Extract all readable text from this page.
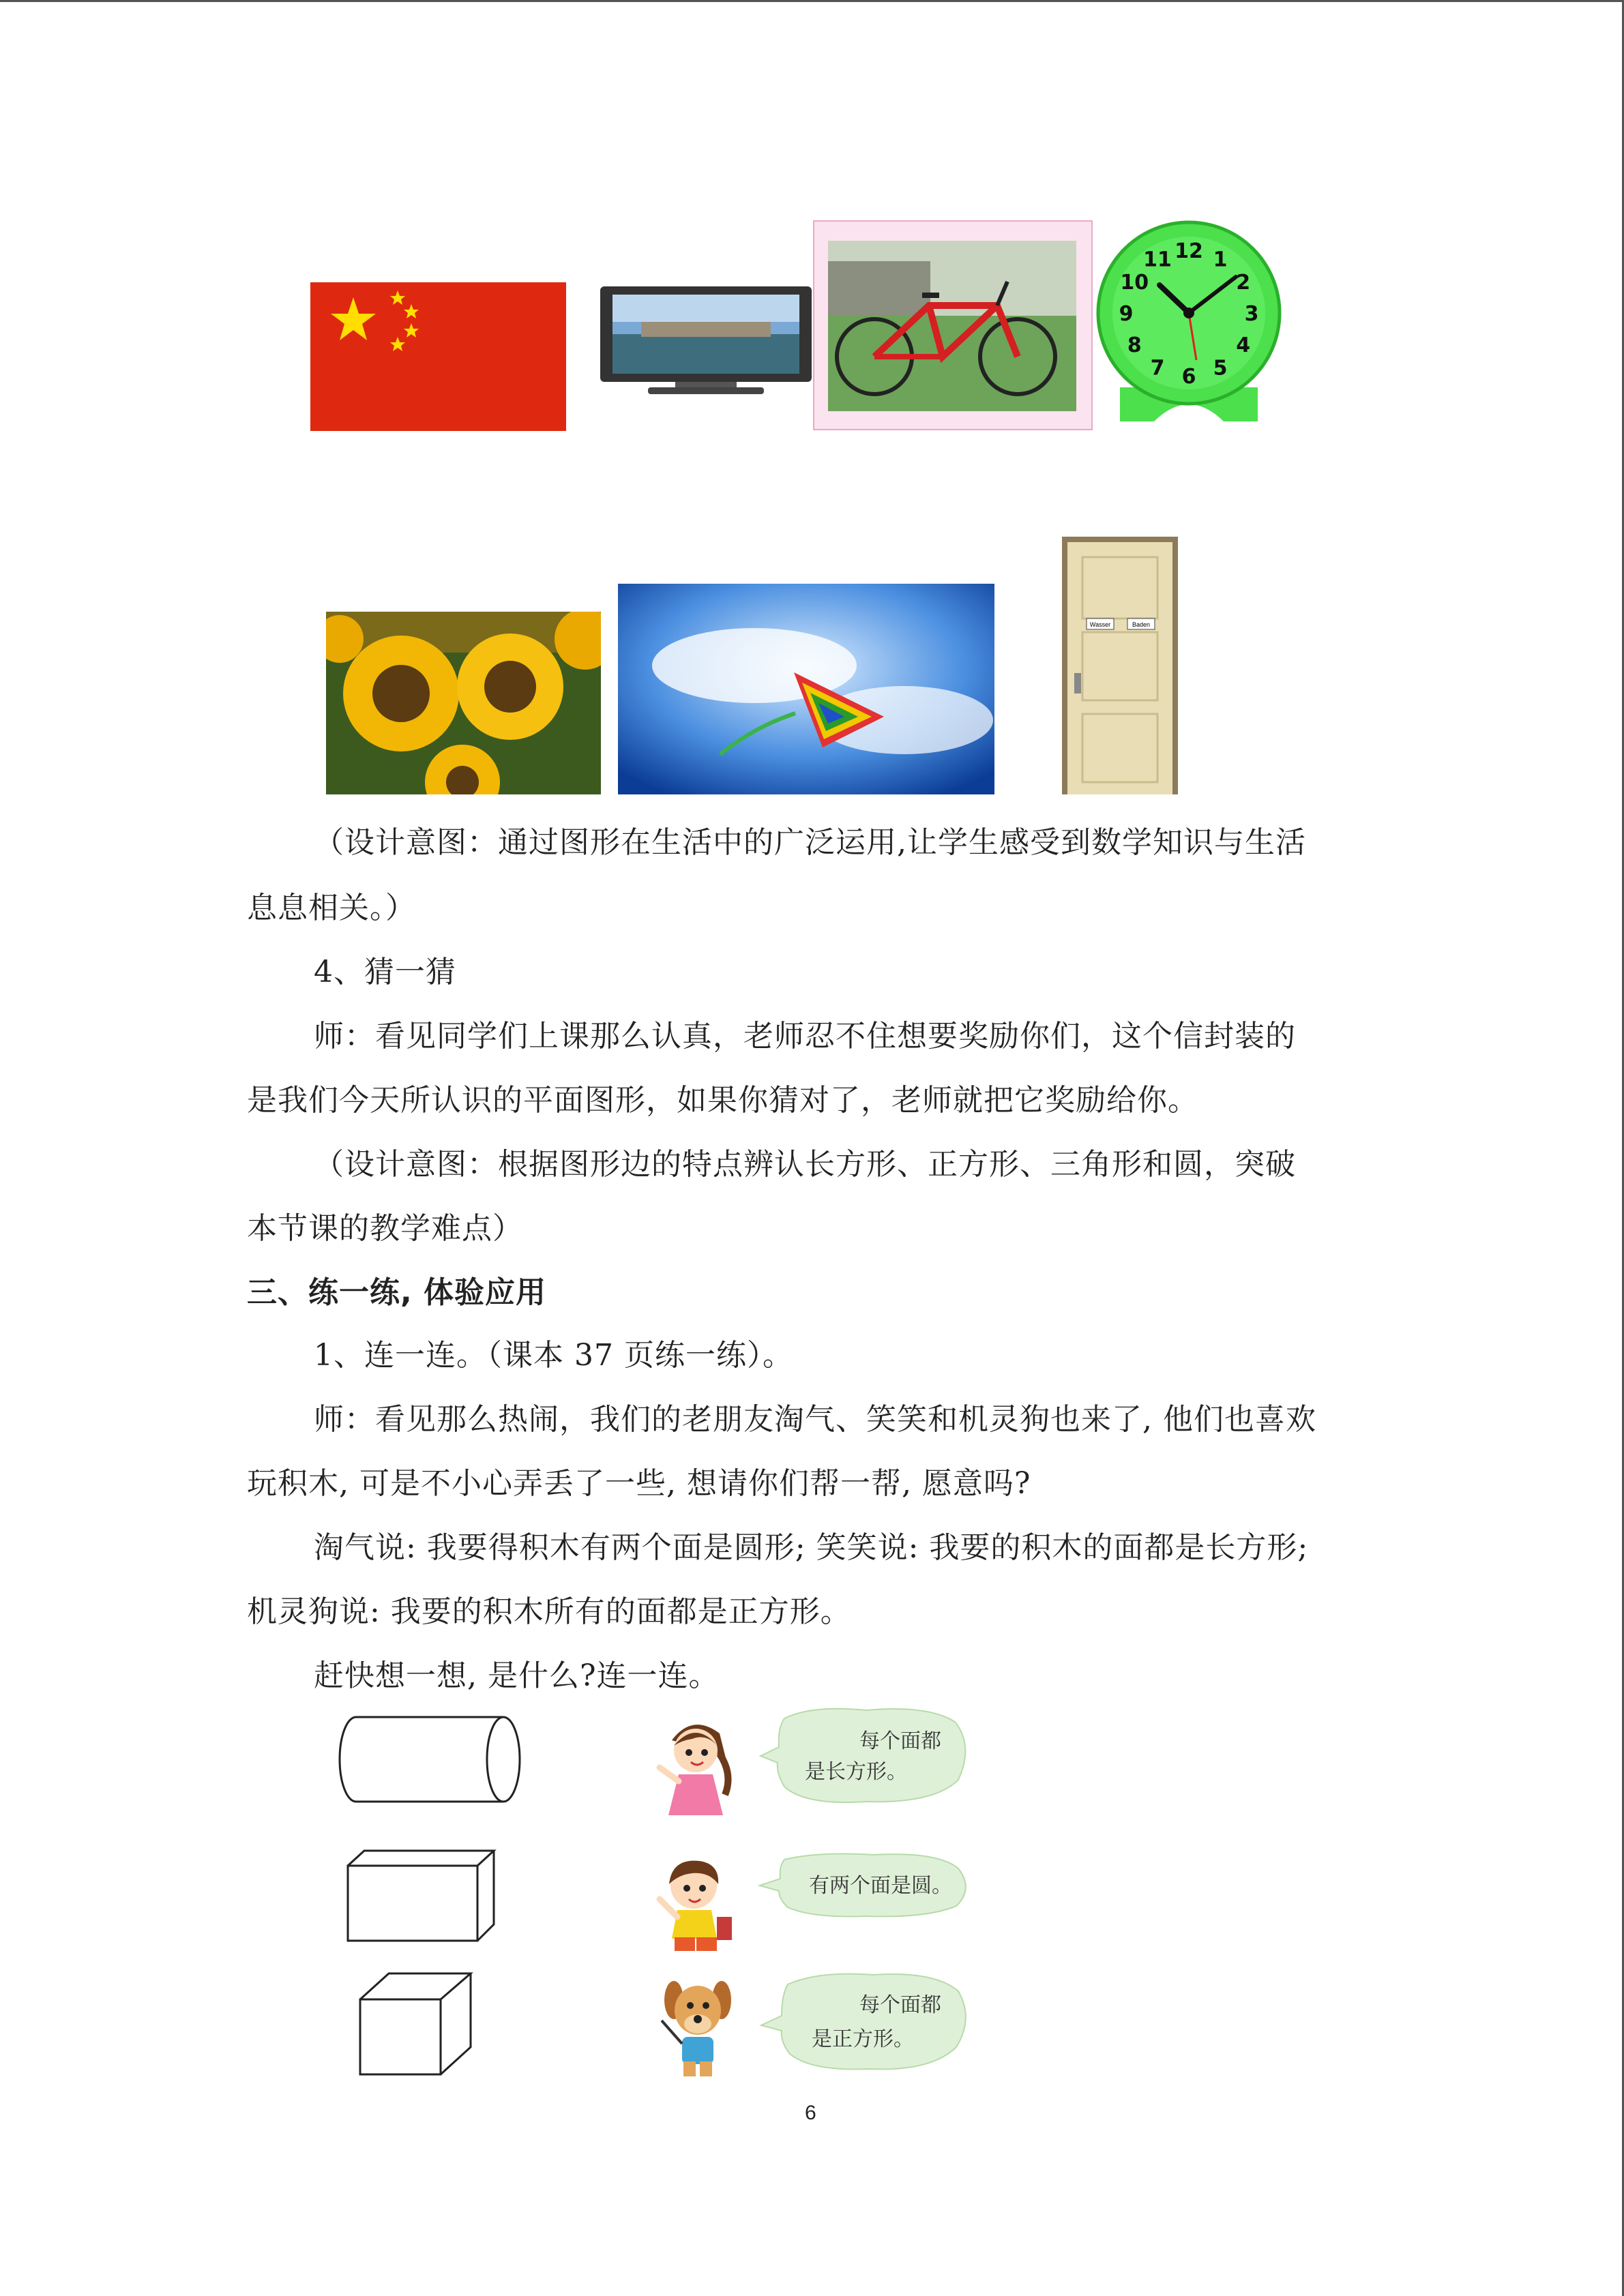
12 1
2
3
4
5
6
7
8
9
10
11
Wasser	Baden
（设计意图：通过图形在生活中的广泛运用,让学生感受到数学知识与生活
息息相关。）
4、猜一猜
师：看见同学们上课那么认真，老师忍不住想要奖励你们，这个信封装的
是我们今天所认识的平面图形，如果你猜对了，老师就把它奖励给你。
（设计意图：根据图形边的特点辨认长方形、正方形、三角形和圆，突破
本节课的教学难点）
三、练一练, 体验应用
1、连一连。（课本 37 页练一练）。
师：看见那么热闹，我们的老朋友淘气、笑笑和机灵狗也来了, 他们也喜欢
玩积木, 可是不小心弄丢了一些, 想请你们帮一帮, 愿意吗?
淘气说: 我要得积木有两个面是圆形; 笑笑说: 我要的积木的面都是长方形;
机灵狗说: 我要的积木所有的面都是正方形。
赶快想一想, 是什么?连一连。
每个面都
是长方形。
有两个面是圆。
每个面都
是正方形。
6
